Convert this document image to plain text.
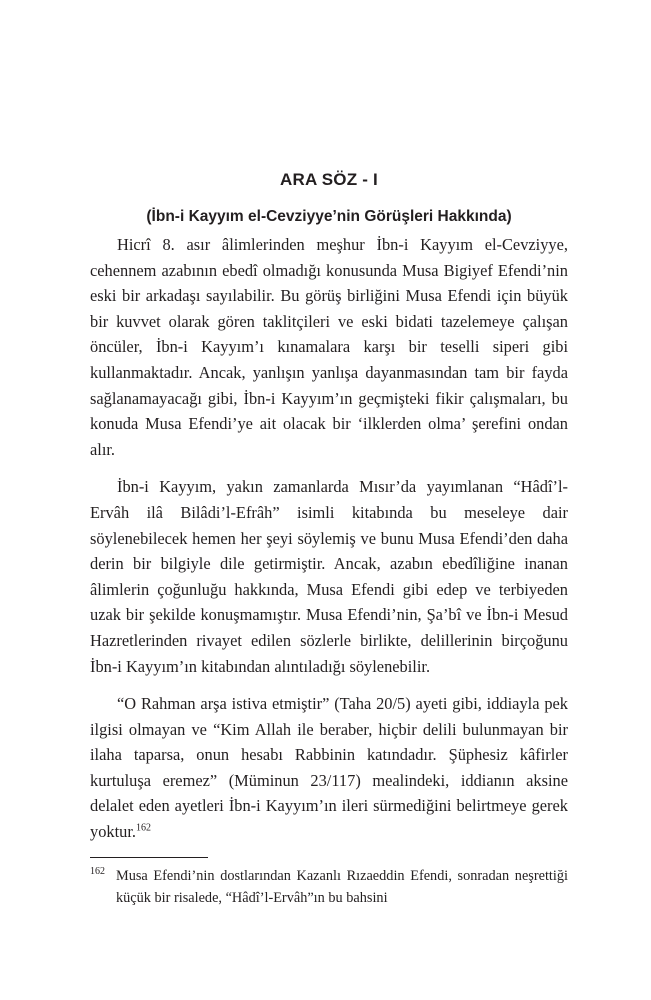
ARA SÖZ - I
(İbn-i Kayyım el-Cevziyye’nin Görüşleri Hakkında)

Hicrî 8. asır âlimlerinden meşhur İbn-i Kayyım el-Cevziyye, cehennem azabının ebedî olmadığı konusunda Musa Bigiyef Efendi’nin eski bir arkadaşı sayılabilir. Bu görüş birliğini Musa Efendi için büyük bir kuvvet olarak gören taklitçileri ve eski bidati tazelemeye çalışan öncüler, İbn-i Kayyım’ı kınamalara karşı bir teselli siperi gibi kullanmaktadır. Ancak, yanlışın yanlışa dayanmasından tam bir fayda sağlanamayacağı gibi, İbn-i Kayyım’ın geçmişteki fikir çalışmaları, bu konuda Musa Efendi’ye ait olacak bir ‘ilklerden olma’ şerefini ondan alır.

İbn-i Kayyım, yakın zamanlarda Mısır’da yayımlanan “Hâdî’l-Ervâh ilâ Bilâdi’l-Efrâh” isimli kitabında bu meseleye dair söylenebilecek hemen her şeyi söylemiş ve bunu Musa Efendi’den daha derin bir bilgiyle dile getirmiştir. Ancak, azabın ebedîliğine inanan âlimlerin çoğunluğu hakkında, Musa Efendi gibi edep ve terbiyeden uzak bir şekilde konuşmamıştır. Musa Efendi’nin, Şa’bî ve İbn-i Mesud Hazretlerinden rivayet edilen sözlerle birlikte, delillerinin birçoğunu İbn-i Kayyım’ın kitabından alıntıladığı söylenebilir.

“O Rahman arşa istiva etmiştir” (Taha 20/5) ayeti gibi, iddiayla pek ilgisi olmayan ve “Kim Allah ile beraber, hiçbir delili bulunmayan bir ilaha taparsa, onun hesabı Rabbinin katındadır. Şüphesiz kâfirler kurtuluşa eremez” (Müminun 23/117) mealindeki, iddianın aksine delalet eden ayetleri İbn-i Kayyım’ın ileri sürmediğini belirtmeye gerek yoktur.$^{162}$

$^{162}$ Musa Efendi’nin dostlarından Kazanlı Rızaeddin Efendi, sonradan neşrettiği küçük bir risalede, “Hâdî’l-Ervâh”ın bu bahsini
